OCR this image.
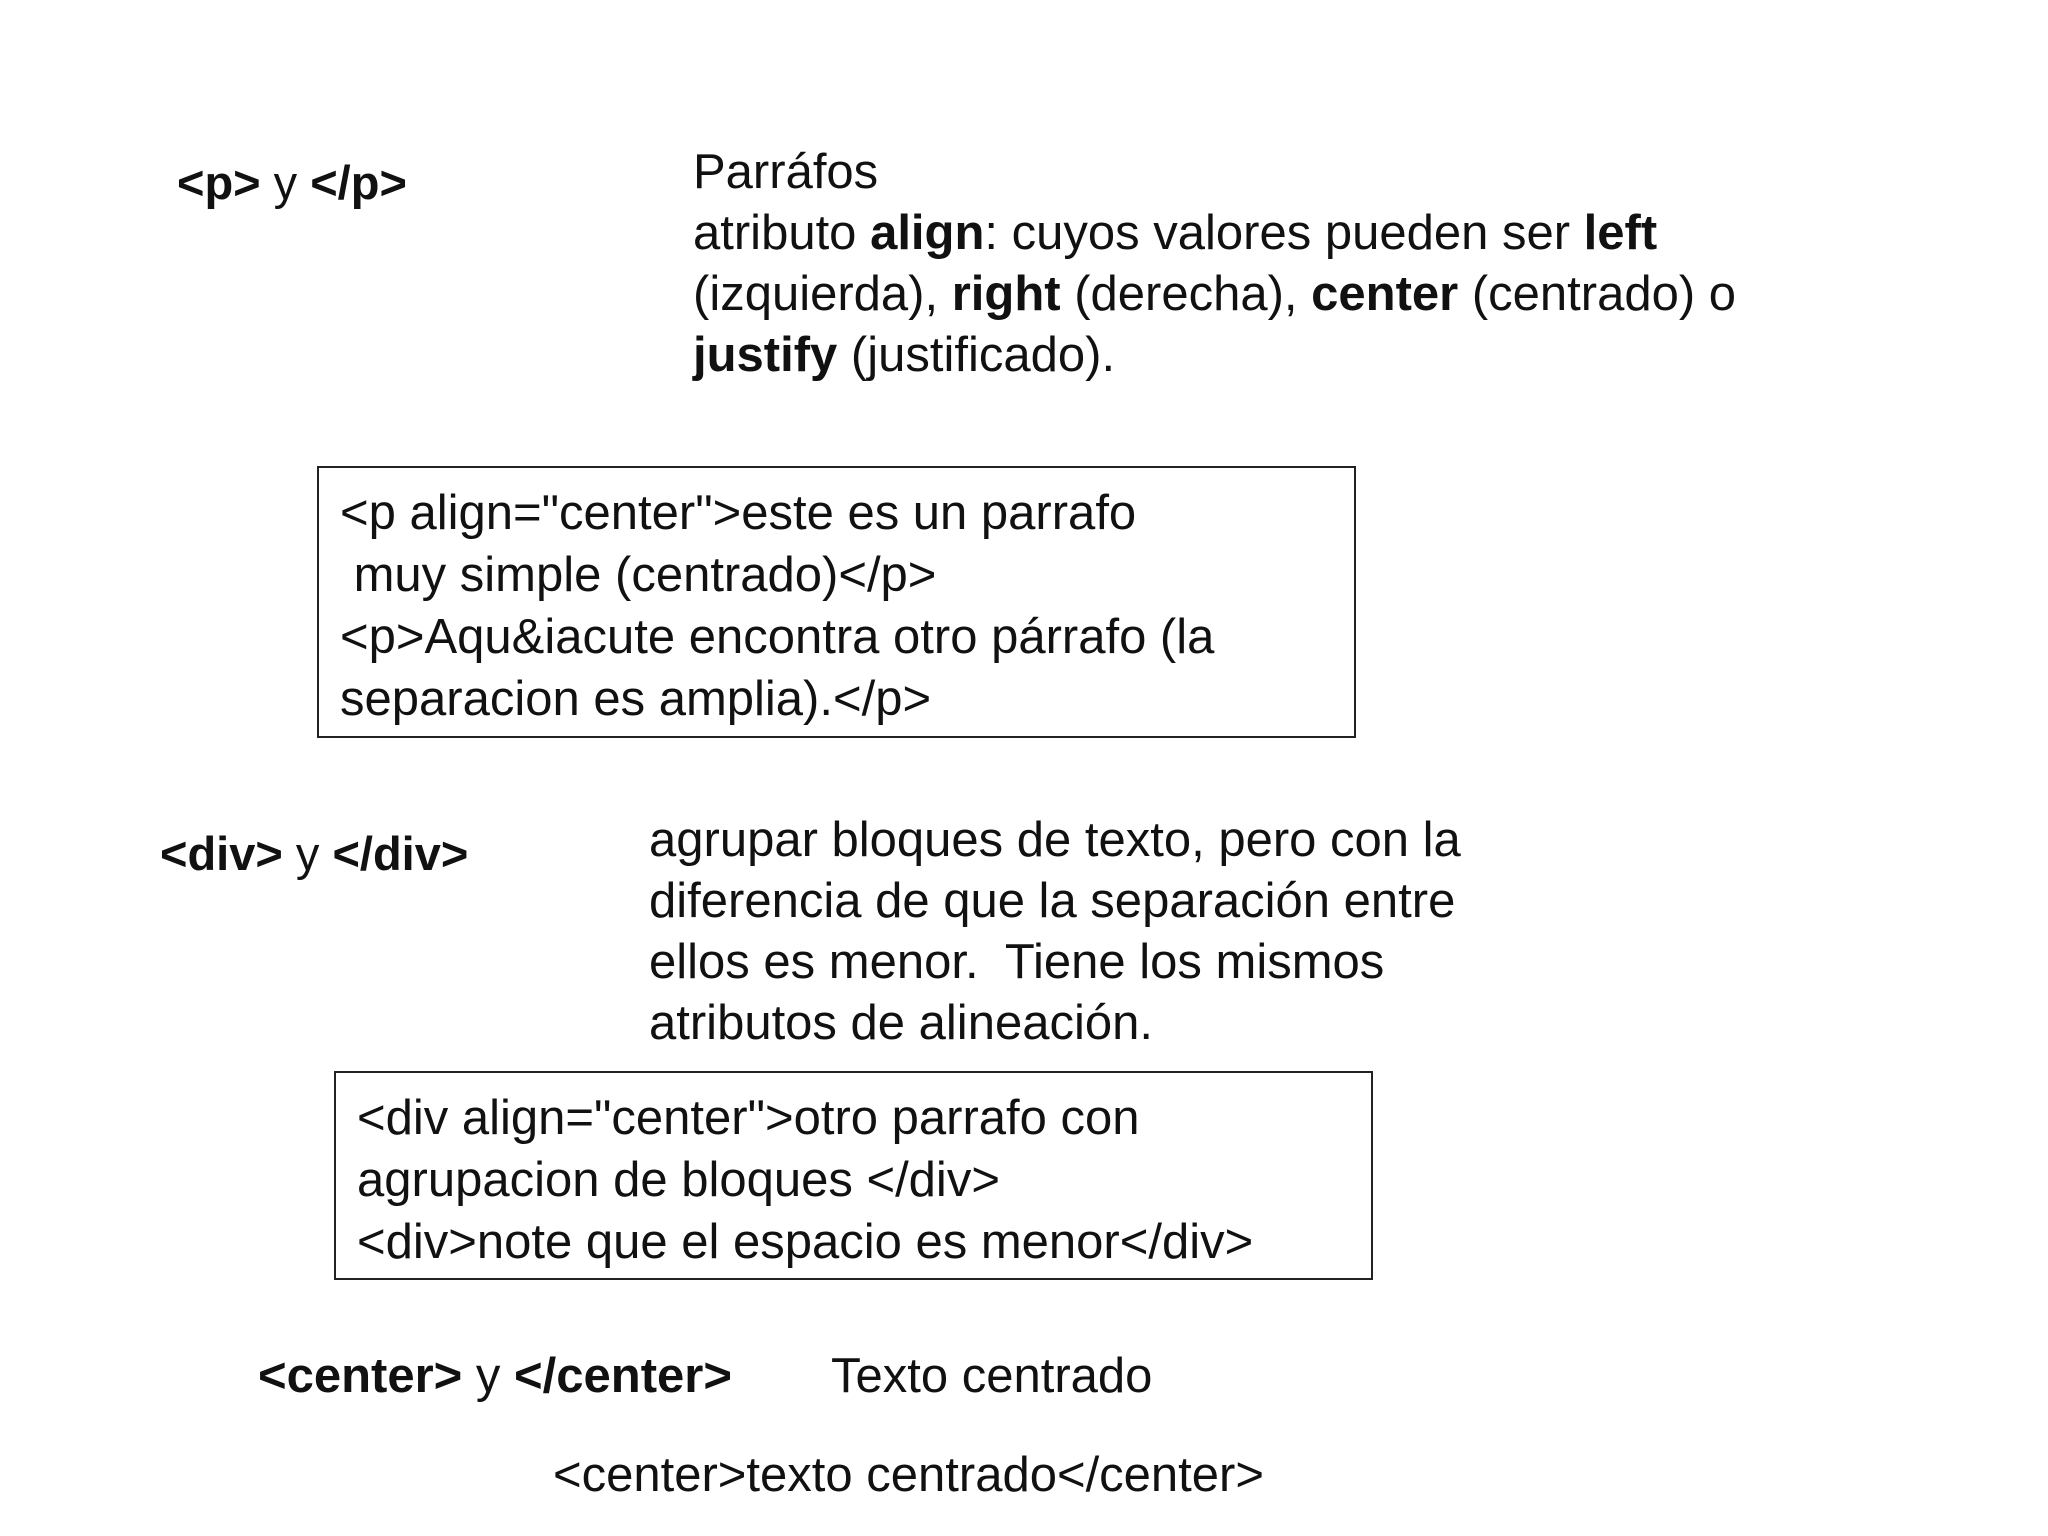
<p> y </p>	Parráfos
atributo align: cuyos valores pueden ser left
(izquierda), right (derecha), center (centrado) o
justify (justificado).
<p align="center">este es un parrafo
muy simple (centrado)</p>
<p>Aqu&iacute encontra otro párrafo (la
separacion es amplia).</p>
<div> y </div>	agrupar bloques de texto, pero con la
diferencia de que la separación entre
ellos es menor.  Tiene los mismos
atributos de alineación.
<div align="center">otro parrafo con
agrupacion de bloques </div>
<div>note que el espacio es menor</div>
<center> y </center> Texto centrado
<center>texto centrado</center>
